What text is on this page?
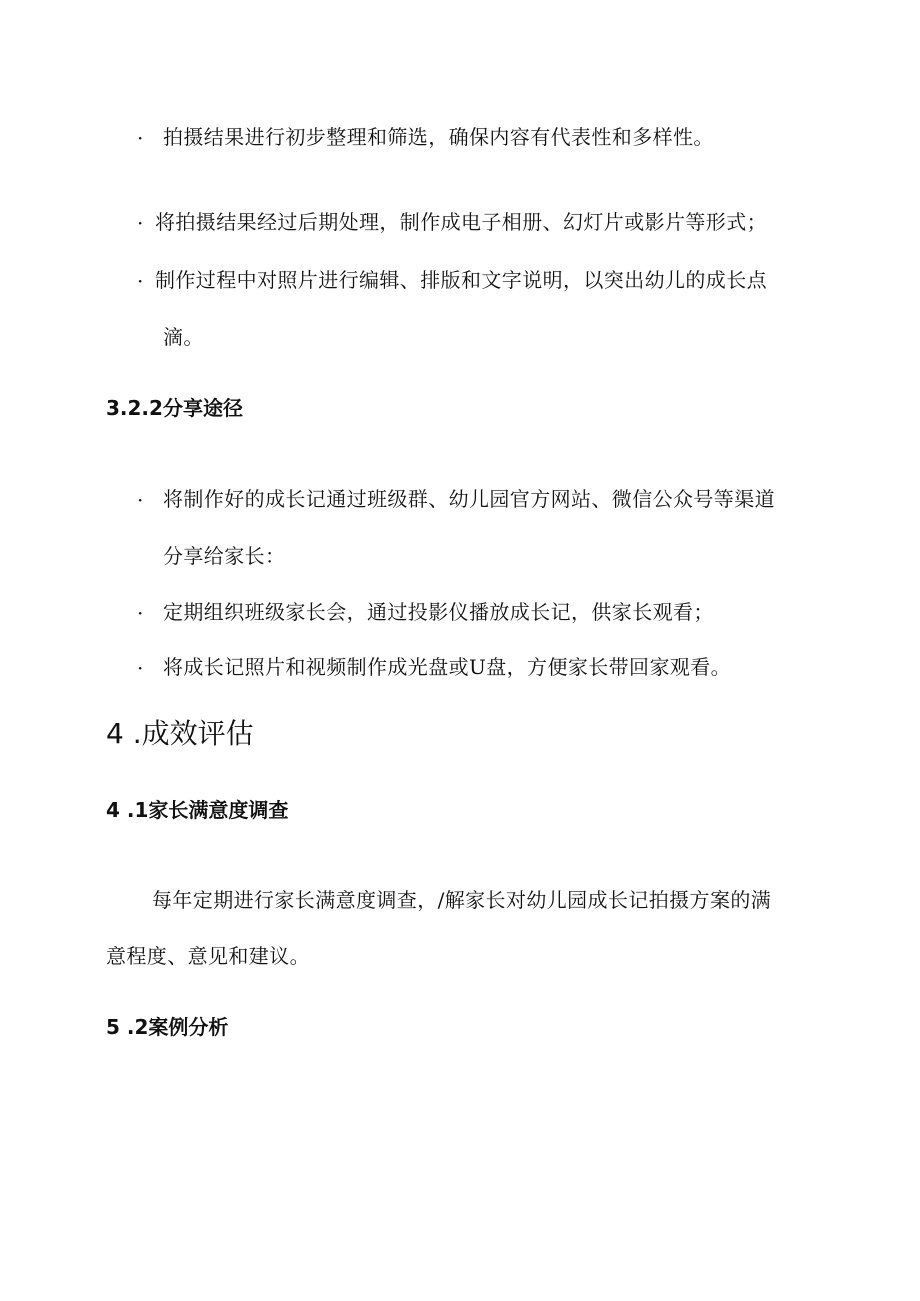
· 拍摄结果进行初步整理和筛选，确保内容有代表性和多样性。
· 将拍摄结果经过后期处理，制作成电子相册、幻灯片或影片等形式；
· 制作过程中对照片进行编辑、排版和文字说明，以突出幼儿的成长点
滴。
3.2.2分享途径
· 将制作好的成长记通过班级群、幼儿园官方网站、微信公众号等渠道
分享给家长：
· 定期组织班级家长会，通过投影仪播放成长记，供家长观看；
· 将成长记照片和视频制作成光盘或U盘，方便家长带回家观看。
4 .成效评估
4 .1家长满意度调查
每年定期进行家长满意度调查，/解家长对幼儿园成长记拍摄方案的满
意程度、意见和建议。
5 .2案例分析
